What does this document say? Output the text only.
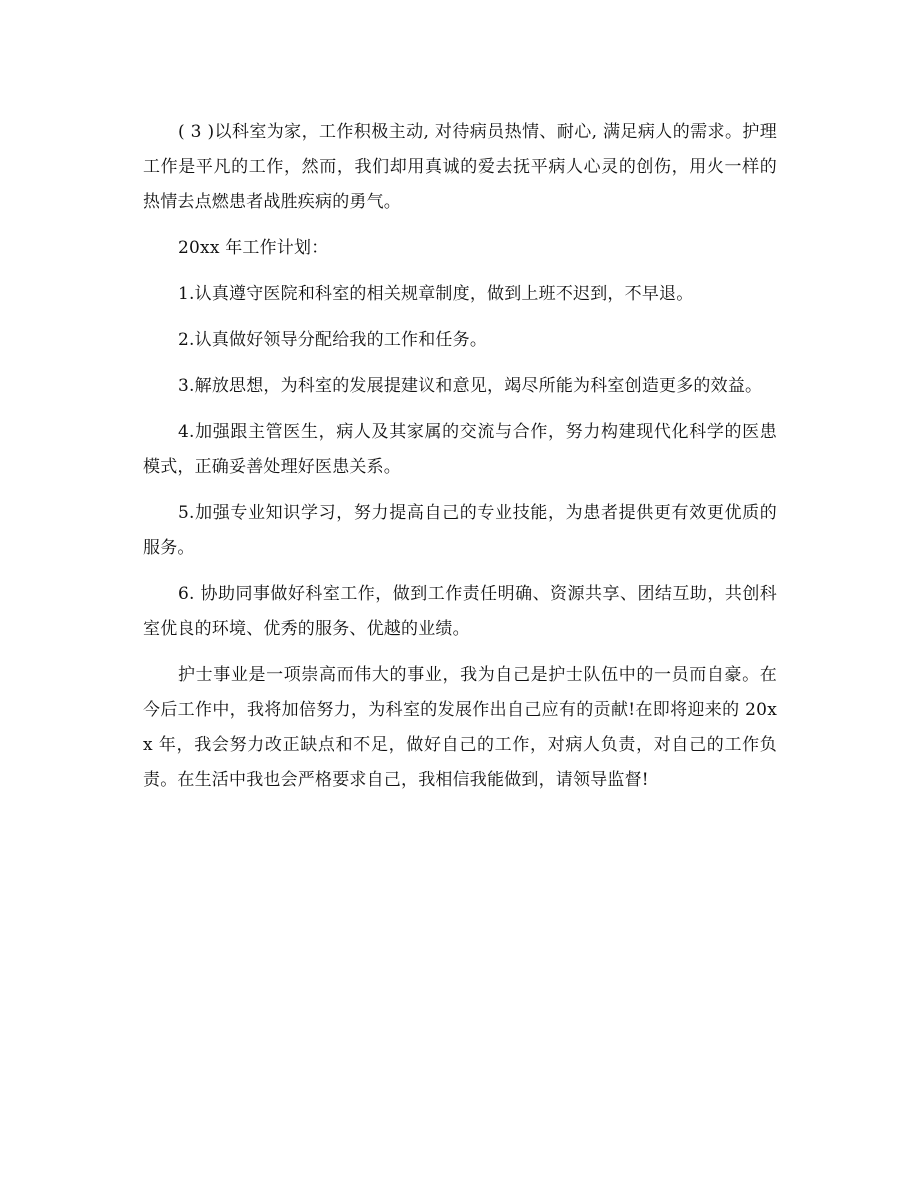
( 3 )以科室为家，工作积极主动, 对待病员热情、耐心, 满足病人的需求。护理工作是平凡的工作，然而，我们却用真诚的爱去抚平病人心灵的创伤，用火一样的热情去点燃患者战胜疾病的勇气。

20xx 年工作计划：

1.认真遵守医院和科室的相关规章制度，做到上班不迟到，不早退。

2.认真做好领导分配给我的工作和任务。

3.解放思想，为科室的发展提建议和意见，竭尽所能为科室创造更多的效益。

4.加强跟主管医生，病人及其家属的交流与合作，努力构建现代化科学的医患模式，正确妥善处理好医患关系。

5.加强专业知识学习，努力提高自己的专业技能，为患者提供更有效更优质的服务。

6. 协助同事做好科室工作，做到工作责任明确、资源共享、团结互助，共创科室优良的环境、优秀的服务、优越的业绩。

护士事业是一项崇高而伟大的事业，我为自己是护士队伍中的一员而自豪。在今后工作中，我将加倍努力，为科室的发展作出自己应有的贡献!在即将迎来的 20xx 年，我会努力改正缺点和不足，做好自己的工作，对病人负责，对自己的工作负责。在生活中我也会严格要求自己，我相信我能做到，请领导监督!
